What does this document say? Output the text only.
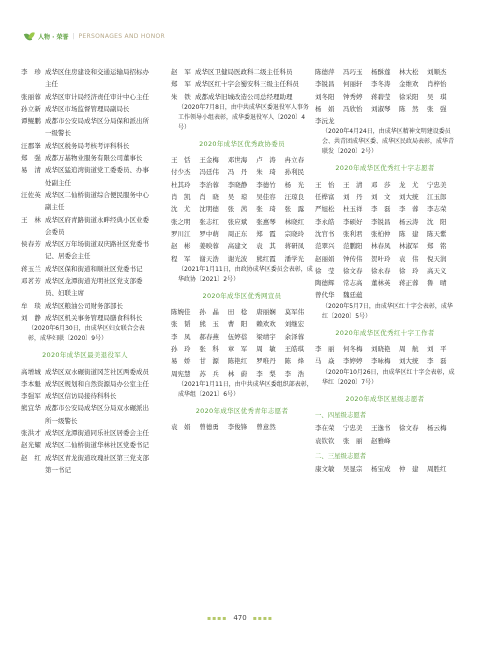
人物 · 荣誉 | PERSONAGES AND HONOR
李　珍 成华区住房建设和交通运输局招标办主任
张丽蓉 成华区审计局经济责任审计中心主任
孙立新 成华区市场监督管理局副局长
谭鲲鹏 成都市公安局成华区分局保和派出所一级警长
汪郡峯 成华区税务局考核考评科科长
郑　强 成都万基物业服务有限公司董事长
易　清 成华区猛追湾街道党工委委员、办事处副主任
汪佐英 成华区二仙桥街道综合便民服务中心副主任
王　林 成华区府青路街道永畔经典小区业委会委员
侯春芳 成华区万年场街道双庆路社区党委书记、居委会主任
蒋玉兰 成华区保和街道和顺社区党委书记
邓茗芳 成华区龙潭街道光明社区党支部委员、妇联主席
牟　琰 成华区粮油公司财务部部长
刘　静 成华区机关事务管理局膳食科科长
（2020年6月30日，由成华区妇女联合会表彰，成华妇联〔2020〕9号）
2020年成华区最美退役军人
高增城 成华区双水碾街道冈芝社区两委成员
李本魁 成华区规划和自然资源局办公室主任
李强军 成华区信访局接待科科长
熊宜华 成都市公安局成华区分局双水碾派出所一级警长
张洪才 成华区龙潭街道同乐社区居委会主任
赵光耀 成华区二仙桥街道华林社区党委书记
赵　红 成华区青龙街道玫瑰社区第三党支部第一书记
赵　军 成华区卫健局医政科二级主任科员
郑　军 成华区红十字会蜀安科三级主任科员
朱　铁 成都成华旧城改造公司总经理助理
（2020年7月8日，由中共成华区委退役军人事务工作领导小组表彰，成华委退役军人〔2020〕4号）
2020年成华区优秀政协委员
王　恬	王金梅	邓世海	卢　涛	冉立春
付少杰	冯廷伟	冯　丹	朱　琦	孙利民
杜其玲	李治蓉	李晓静	李德竹	杨　光
肖　凯	肖　晓	吴　琼	吴佳容	汪琼良
沈　尤	沈明德	张　茜	张　琦	张　露
张之明	张志红	张应斌	张惠琴	林晓红
罗川江	罗中萌	周正东	郑　霞	宗晓玲
赵　彬	姜映蓉	高建文	袁　其	蒋研凤
程　军	谢天浩	谢光波	熊红霞	潘学光
（2021年1月11日，由政协成华区委员会表彰，成华政协〔2021〕2号）
2020年成华区优秀网宣员
陈婉佳	孙　晶	田　稔	唐丽娴	莫军伟
张　韬	熊　玉	曹　阳	赖欢欢	刘继宏
李　凤	郝春燕	伍婷蓓	梁靖宇	余泽蓉
孙　玲	张　科	章　军	周　敏	王皓琪
易　娇	甘　源	陈艳红	罗唯丹	陈　烽
周宪慧	苏　兵	林　蔚	李　梨	李　浩
（2021年1月11日，由中共成华区委组织部表彰，成华组〔2021〕6号）
2020年成华区优秀青年志愿者
袁　娟	曾德勇	李俊锋	曾意然
陈德萍	冯巧玉	杨酥莲	林大松	刘顺杰
李锐昌	何丽轩	李冬涛	金维欢	肖梓怡
刘冬阳	钟秀婷	蒋碧莹	徐采阳	吴　琪
杨　娟	冯欣怡	刘淑琴	陈　然	张　强
李沅龙
（2020年4月24日，由成华区精神文明建设委员会、共青团成华区委、成华区民政局表彰，成华青联发〔2020〕2号）
2020年成华区优秀红十字志愿者
王　怡	王　清	邓　莎	龙　尤	宁忠美
任桦富	刘　丹	刘　文	刘大统	江玉郎
严旭松	杜玉祥	李　磊	李　蓉	李志荣
李永皓	李硕好	李锐昌	杨云涛	沈　阳
沈官书	张利君	张柏仲	陈　建	陈天紫
范翠兴	范鹏阳	林春凤	林淑军	郑　铭
赵丽娟	钟传伟	贺叶玲	袁　伟	倪天润
徐　莹	徐文春	徐永春	徐　玲	高天义
陶德辉	常志高	董林英	蒋正蓉	鲁　晴
曾代华	魏廷蕴
（2020年5月7日，由成华区红十字会表彰，成华红〔2020〕5号）
2020年成华区优秀红十字工作者
李　丽	何冬梅	刘晓艳	周　航	刘　平
马　焱	李婷婷	李咏梅	刘大统	李　磊
（2020年10月26日，由成华区红十字会表彰，成华红〔2020〕7号）
2020年成华区星级志愿者
一、四星级志愿者
李在荣	宁忠美	王逸书	徐文春	杨云梅
袁钦钦	张　丽	赵雅峰
二、三星级志愿者
康文敏	吴显宗	杨宝成	仲　建	周胜红
▪▪▪▪ 470 ▪▪▪▪
